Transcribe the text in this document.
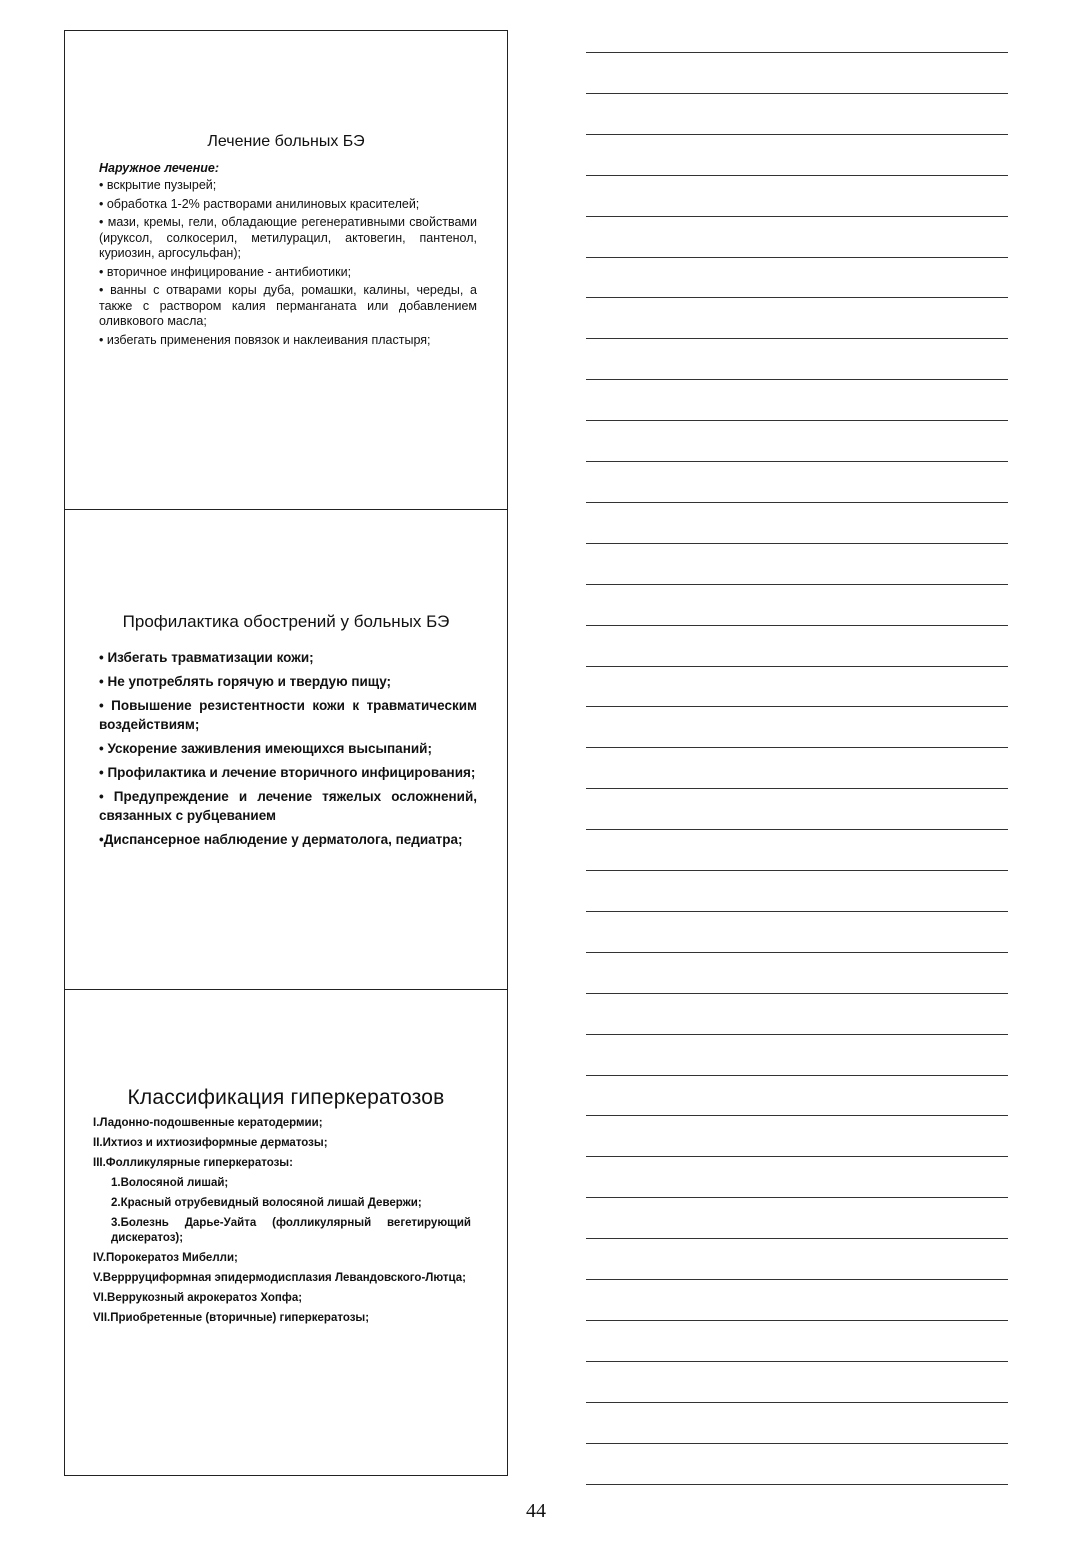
Лечение больных БЭ
Наружное лечение:
• вскрытие пузырей;
• обработка 1-2% растворами анилиновых красителей;
• мази, кремы, гели, обладающие регенеративными свойствами (ируксол, солкосерил, метилурацил, актовегин, пантенол, куриозин, аргосульфан);
• вторичное инфицирование - антибиотики;
• ванны с отварами коры дуба, ромашки, калины, череды, а также с раствором калия перманганата или добавлением оливкового масла;
• избегать применения повязок и наклеивания пластыря;
Профилактика обострений у больных БЭ
• Избегать травматизации кожи;
• Не употреблять горячую и твердую пищу;
• Повышение резистентности кожи к травматическим воздействиям;
• Ускорение заживления имеющихся высыпаний;
• Профилактика и лечение вторичного инфицирования;
• Предупреждение и лечение тяжелых осложнений, связанных с рубцеванием
•Диспансерное наблюдение у дерматолога, педиатра;
Классификация гиперкератозов
I.Ладонно-подошвенные кератодермии;
II.Ихтиоз и ихтиозиформные дерматозы;
III.Фолликулярные гиперкератозы:
1.Волосяной лишай;
2.Красный отрубевидный волосяной лишай Девержи;
3.Болезнь Дарье-Уайта (фолликулярный вегетирующий дискератоз);
IV.Порокератоз Мибелли;
V.Веррруциформная эпидермодисплазия Левандовского-Лютца;
VI.Веррукозный акрокератоз Хопфа;
VII.Приобретенные (вторичные) гиперкератозы;
44
